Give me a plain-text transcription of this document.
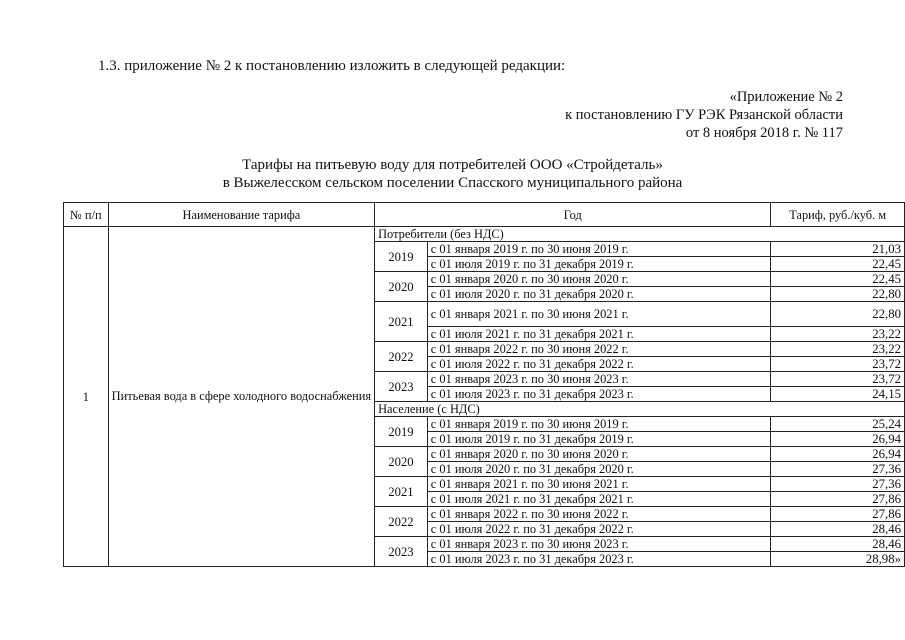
1.3. приложение № 2 к постановлению изложить в следующей редакции:
«Приложение № 2
к постановлению ГУ РЭК Рязанской области
от 8 ноября 2018 г. № 117
Тарифы на питьевую воду для потребителей ООО «Стройдеталь»
в Выжелесском сельском поселении Спасского муниципального района
№ п/п	Наименование тарифа	Год		Тариф, руб./куб. м
1	Питьевая вода в сфере холодного водоснабжения	Потребители (без НДС)		
		2019	с 01 января 2019 г. по 30 июня 2019 г.	21,03
			с 01 июля 2019 г. по 31 декабря 2019 г.	22,45
		2020	с 01 января 2020 г. по 30 июня 2020 г.	22,45
			с 01 июля 2020 г. по 31 декабря 2020 г.	22,80
		2021	с 01 января 2021 г. по 30 июня 2021 г.	22,80
			с 01 июля 2021 г. по 31 декабря 2021 г.	23,22
		2022	с 01 января 2022 г. по 30 июня 2022 г.	23,22
			с 01 июля 2022 г. по 31 декабря 2022 г.	23,72
		2023	с 01 января 2023 г. по 30 июня 2023 г.	23,72
			с 01 июля 2023 г. по 31 декабря 2023 г.	24,15
		Население (с НДС)		
		2019	с 01 января 2019 г. по 30 июня 2019 г.	25,24
			с 01 июля 2019 г. по 31 декабря 2019 г.	26,94
		2020	с 01 января 2020 г. по 30 июня 2020 г.	26,94
			с 01 июля 2020 г. по 31 декабря 2020 г.	27,36
		2021	с 01 января 2021 г. по 30 июня 2021 г.	27,36
			с 01 июля 2021 г. по 31 декабря 2021 г.	27,86
		2022	с 01 января 2022 г. по 30 июня 2022 г.	27,86
			с 01 июля 2022 г. по 31 декабря 2022 г.	28,46
		2023	с 01 января 2023 г. по 30 июня 2023 г.	28,46
			с 01 июля 2023 г. по 31 декабря 2023 г.	28,98»
